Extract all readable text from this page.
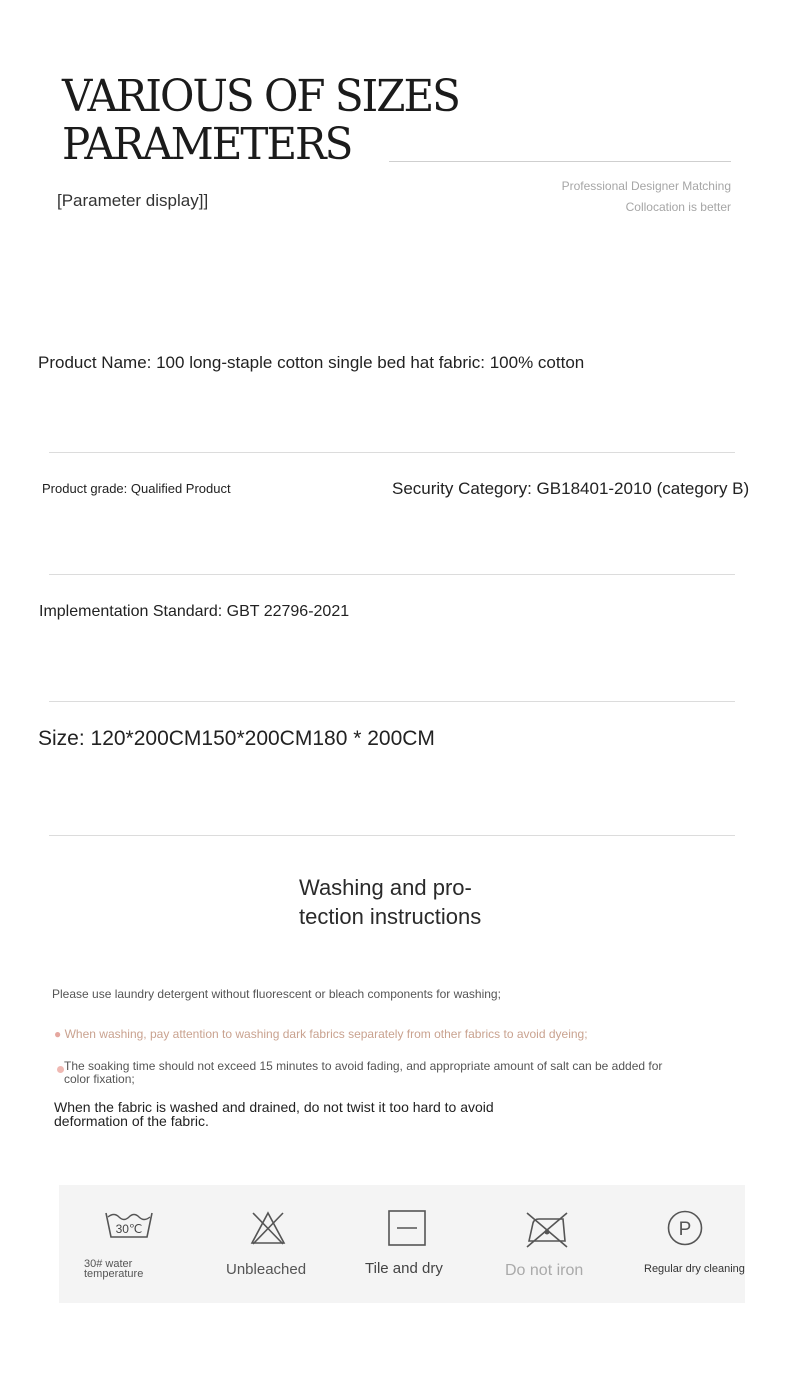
VARIOUS OF SIZES
PARAMETERS
[Parameter display]]
Professional Designer Matching
Collocation is better
Product Name: 100 long-staple cotton single bed hat fabric: 100% cotton
Product grade: Qualified Product	Security Category: GB18401-2010 (category B)
Implementation Standard: GBT 22796-2021
Size: 120*200CM150*200CM180 * 200CM
Washing and pro-
tection instructions
Please use laundry detergent without fluorescent or bleach components for washing;
● When washing, pay attention to washing dark fabrics separately from other fabrics to avoid dyeing;
The soaking time should not exceed 15 minutes to avoid fading, and appropriate amount of salt can be added for color fixation;
When the fabric is washed and drained, do not twist it too hard to avoid deformation of the fabric.
30℃
30# water temperature	Unbleached	Tile and dry	Do not iron
P
Regular dry cleaning
